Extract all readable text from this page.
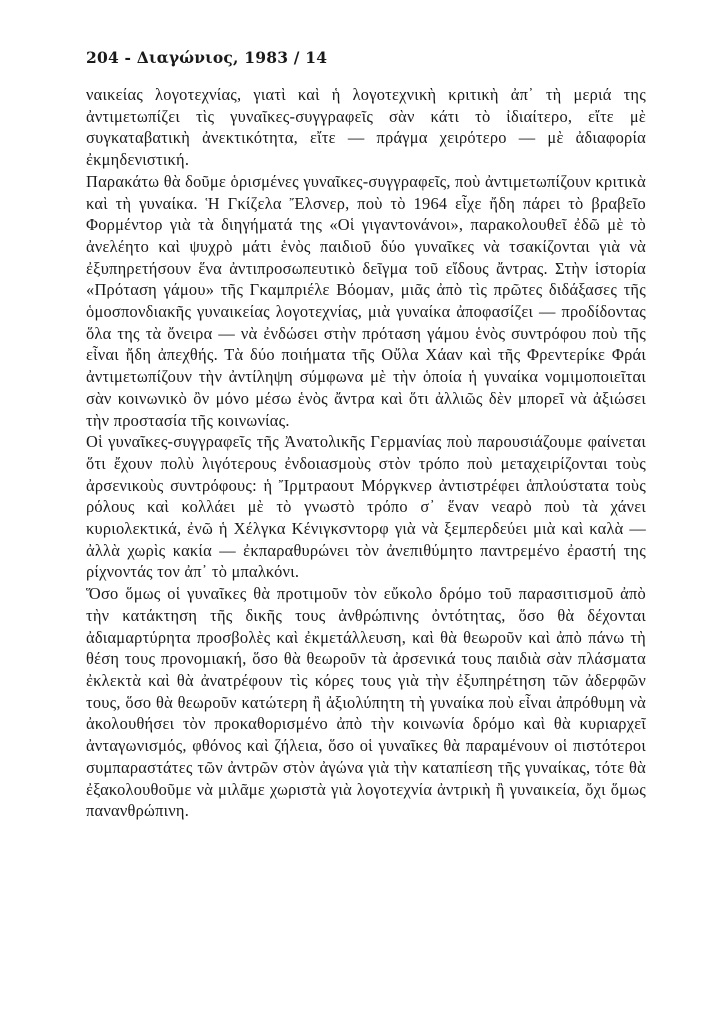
204 - Διαγώνιος, 1983 / 14

ναικείας λογοτεχνίας, γιατὶ καὶ ἡ λογοτεχνικὴ κριτικὴ ἀπ᾿ τὴ μεριά της ἀντιμετωπίζει τὶς γυναῖκες-συγγραφεῖς σὰν κάτι τὸ ἰδιαίτερο, εἴτε μὲ συγκαταβατικὴ ἀνεκτικότητα, εἴτε — πράγμα χειρότερο — μὲ ἀδιαφορία ἐκμηδενιστική.

Παρακάτω θὰ δοῦμε ὁρισμένες γυναῖκες-συγγραφεῖς, ποὺ ἀντιμετωπίζουν κριτικὰ καὶ τὴ γυναίκα. Ἡ Γκίζελα Ἔλσνερ, ποὺ τὸ 1964 εἶχε ἤδη πάρει τὸ βραβεῖο Φορμέντορ γιὰ τὰ διηγήματά της «Οἱ γιγαντονάνοι», παρακολουθεῖ ἐδῶ μὲ τὸ ἀνελέητο καὶ ψυχρὸ μάτι ἑνὸς παιδιοῦ δύο γυναῖκες νὰ τσακίζονται γιὰ νὰ ἐξυπηρετήσουν ἕνα ἀντιπροσωπευτικὸ δεῖγμα τοῦ εἴδους ἄντρας. Στὴν ἱστορία «Πρόταση γάμου» τῆς Γκαμπριέλε Βόομαν, μιᾶς ἀπὸ τὶς πρῶτες διδάξασες τῆς ὁμοσπονδιακῆς γυναικείας λογοτεχνίας, μιὰ γυναίκα ἀποφασίζει — προδίδοντας ὅλα της τὰ ὄνειρα — νὰ ἐνδώσει στὴν πρόταση γάμου ἑνὸς συντρόφου ποὺ τῆς εἶναι ἤδη ἀπεχθής. Τὰ δύο ποιήματα τῆς Οὔλα Χάαν καὶ τῆς Φρεντερίκε Φράι ἀντιμετωπίζουν τὴν ἀντίληψη σύμφωνα μὲ τὴν ὁποία ἡ γυναίκα νομιμοποιεῖται σὰν κοινωνικὸ ὂν μόνο μέσω ἑνὸς ἄντρα καὶ ὅτι ἀλλιῶς δὲν μπορεῖ νὰ ἀξιώσει τὴν προστασία τῆς κοινωνίας.

Οἱ γυναῖκες-συγγραφεῖς τῆς Ἀνατολικῆς Γερμανίας ποὺ παρουσιάζουμε φαίνεται ὅτι ἔχουν πολὺ λιγότερους ἐνδοιασμοὺς στὸν τρόπο ποὺ μεταχειρίζονται τοὺς ἀρσενικοὺς συντρόφους: ἡ Ἴρμτραουτ Μόργκνερ ἀντιστρέφει ἁπλούστατα τοὺς ρόλους καὶ κολλάει μὲ τὸ γνωστὸ τρόπο σ᾿ ἕναν νεαρὸ ποὺ τὰ χάνει κυριολεκτικά, ἐνῶ ἡ Χέλγκα Κένιγκσντορφ γιὰ νὰ ξεμπερδεύει μιὰ καὶ καλὰ — ἀλλὰ χωρὶς κακία — ἐκπαραθυρώνει τὸν ἀνεπιθύμητο παντρεμένο ἐραστή της ρίχνοντάς τον ἀπ᾿ τὸ μπαλκόνι.

Ὅσο ὅμως οἱ γυναῖκες θὰ προτιμοῦν τὸν εὔκολο δρόμο τοῦ παρασιτισμοῦ ἀπὸ τὴν κατάκτηση τῆς δικῆς τους ἀνθρώπινης ὀντότητας, ὅσο θὰ δέχονται ἀδιαμαρτύρητα προσβολὲς καὶ ἐκμετάλλευση, καὶ θὰ θεωροῦν καὶ ἀπὸ πάνω τὴ θέση τους προνομιακή, ὅσο θὰ θεωροῦν τὰ ἀρσενικά τους παιδιὰ σὰν πλάσματα ἐκλεκτὰ καὶ θὰ ἀνατρέφουν τὶς κόρες τους γιὰ τὴν ἐξυπηρέτηση τῶν ἀδερφῶν τους, ὅσο θὰ θεωροῦν κατώτερη ἢ ἀξιολύπητη τὴ γυναίκα ποὺ εἶναι ἀπρόθυμη νὰ ἀκολουθήσει τὸν προκαθορισμένο ἀπὸ τὴν κοινωνία δρόμο καὶ θὰ κυριαρχεῖ ἀνταγωνισμός, φθόνος καὶ ζήλεια, ὅσο οἱ γυναῖκες θὰ παραμένουν οἱ πιστότεροι συμπαραστάτες τῶν ἀντρῶν στὸν ἀγώνα γιὰ τὴν καταπίεση τῆς γυναίκας, τότε θὰ ἐξακολουθοῦμε νὰ μιλᾶμε χωριστὰ γιὰ λογοτεχνία ἀντρικὴ ἢ γυναικεία, ὄχι ὅμως πανανθρώπινη.
